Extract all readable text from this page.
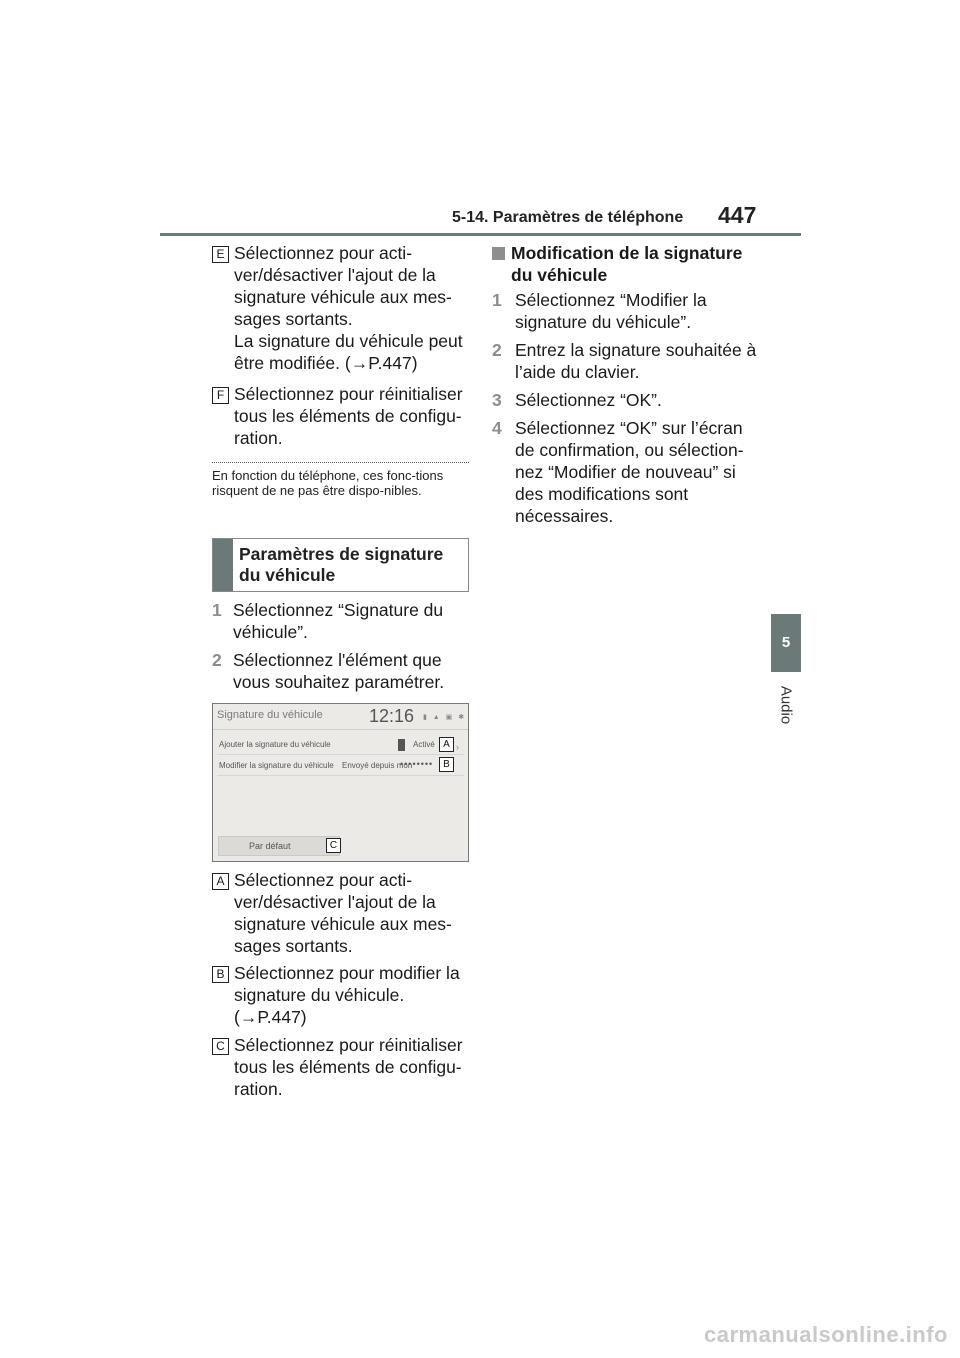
5-14. Paramètres de téléphone 447
5
Audio
E Sélectionnez pour acti-ver/désactiver l'ajout de la signature véhicule aux mes-sages sortants.
La signature du véhicule peut être modifiée. (→P.447)
F Sélectionnez pour réinitialiser tous les éléments de configu-ration.
En fonction du téléphone, ces fonc-tions risquent de ne pas être dispo-nibles.
Paramètres de signature du véhicule
1 Sélectionnez “Signature du véhicule”.
2 Sélectionnez l'élément que vous souhaitez paramétrer.
Signature du véhicule	12:16 ▮ ▲ ▣ ✱
Ajouter la signature du véhicule	Activé ›
Modifier la signature du véhicule Envoyé depuis mon
••••••••
Par défaut
A
B
C
A Sélectionnez pour acti-ver/désactiver l'ajout de la signature véhicule aux mes-sages sortants.
B Sélectionnez pour modifier la signature du véhicule. (→P.447)
C Sélectionnez pour réinitialiser tous les éléments de configu-ration.
Modification de la signature du véhicule
1 Sélectionnez “Modifier la signature du véhicule”.
2 Entrez la signature souhaitée à l’aide du clavier.
3 Sélectionnez “OK”.
4 Sélectionnez “OK” sur l’écran de confirmation, ou sélection-nez “Modifier de nouveau” si des modifications sont nécessaires.
carmanualsonline.info
